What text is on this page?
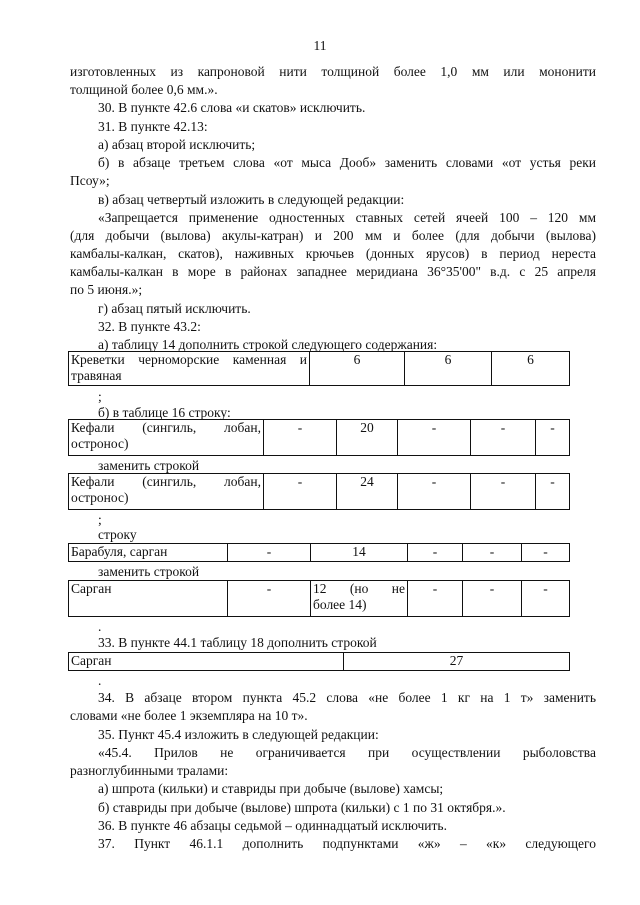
11
изготовленных из капроновой нити толщиной более 1,0 мм или мононити
толщиной более 0,6 мм.».
30. В пункте 42.6 слова «и скатов» исключить.
31. В пункте 42.13:
а) абзац второй исключить;
б) в абзаце третьем слова «от мыса Дооб» заменить словами «от устья реки
Псоу»;
в) абзац четвертый изложить в следующей редакции:
«Запрещается применение одностенных ставных сетей ячеей 100 – 120 мм
(для добычи (вылова) акулы-катран) и 200 мм и более (для добычи (вылова)
камбалы-калкан, скатов), наживных крючьев (донных ярусов) в период нереста
камбалы-калкан в море в районах западнее меридиана 36°35'00" в.д. с 25 апреля
по 5 июня.»;
г) абзац пятый исключить.
32. В пункте 43.2:
а) таблицу 14 дополнить строкой следующего содержания:
Креветки черноморские каменная и
травяная
	6	6	6
;
б) в таблице 16 строку:
Кефали (сингиль, лобан,
остронос)
	-	20	-	-	-
заменить строкой
Кефали (сингиль, лобан,
остронос)
	-	24	-	-	-
;
строку
Барабуля, сарган	-	14	-	-	-
заменить строкой
Сарган	-	12 (но не
более 14)
	-	-	-
.
33. В пункте 44.1 таблицу 18 дополнить строкой
Сарган	27
.
34. В абзаце втором пункта 45.2 слова «не более 1 кг на 1 т» заменить
словами «не более 1 экземпляра на 10 т».
35. Пункт 45.4 изложить в следующей редакции:
«45.4. Прилов не ограничивается при осуществлении рыболовства
разноглубинными тралами:
а) шпрота (кильки) и ставриды при добыче (вылове) хамсы;
б) ставриды при добыче (вылове) шпрота (кильки) с 1 по 31 октября.».
36. В пункте 46 абзацы седьмой – одиннадцатый исключить.
37. Пункт 46.1.1 дополнить подпунктами «ж» – «к» следующего
